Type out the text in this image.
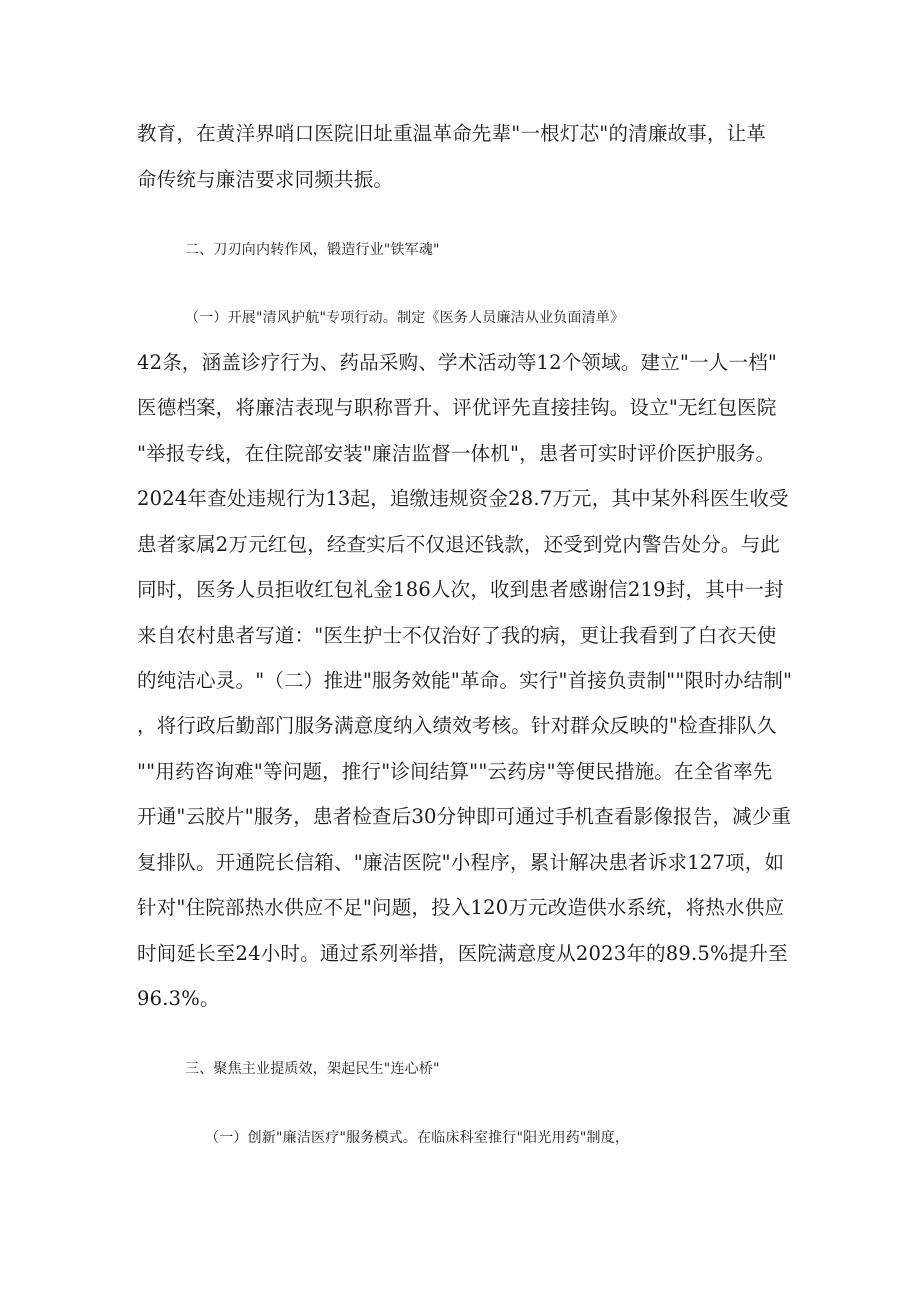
教育，在黄洋界哨口医院旧址重温革命先辈"一根灯芯"的清廉故事，让革
命传统与廉洁要求同频共振。
二、刀刃向内转作风，锻造行业"铁军魂"
（一）开展"清风护航"专项行动。制定《医务人员廉洁从业负面清单》
42条，涵盖诊疗行为、药品采购、学术活动等12个领域。建立"一人一档"
医德档案，将廉洁表现与职称晋升、评优评先直接挂钩。设立"无红包医院
"举报专线，在住院部安装"廉洁监督一体机"，患者可实时评价医护服务。
2024年查处违规行为13起，追缴违规资金28.7万元，其中某外科医生收受
患者家属2万元红包，经查实后不仅退还钱款，还受到党内警告处分。与此
同时，医务人员拒收红包礼金186人次，收到患者感谢信219封，其中一封
来自农村患者写道："医生护士不仅治好了我的病，更让我看到了白衣天使
的纯洁心灵。"（二）推进"服务效能"革命。实行"首接负责制""限时办结制"
，将行政后勤部门服务满意度纳入绩效考核。针对群众反映的"检查排队久
""用药咨询难"等问题，推行"诊间结算""云药房"等便民措施。在全省率先
开通"云胶片"服务，患者检查后30分钟即可通过手机查看影像报告，减少重
复排队。开通院长信箱、"廉洁医院"小程序，累计解决患者诉求127项，如
针对"住院部热水供应不足"问题，投入120万元改造供水系统，将热水供应
时间延长至24小时。通过系列举措，医院满意度从2023年的89.5%提升至
96.3%。
三、聚焦主业提质效，架起民生"连心桥"
（一）创新"廉洁医疗"服务模式。在临床科室推行"阳光用药"制度，
